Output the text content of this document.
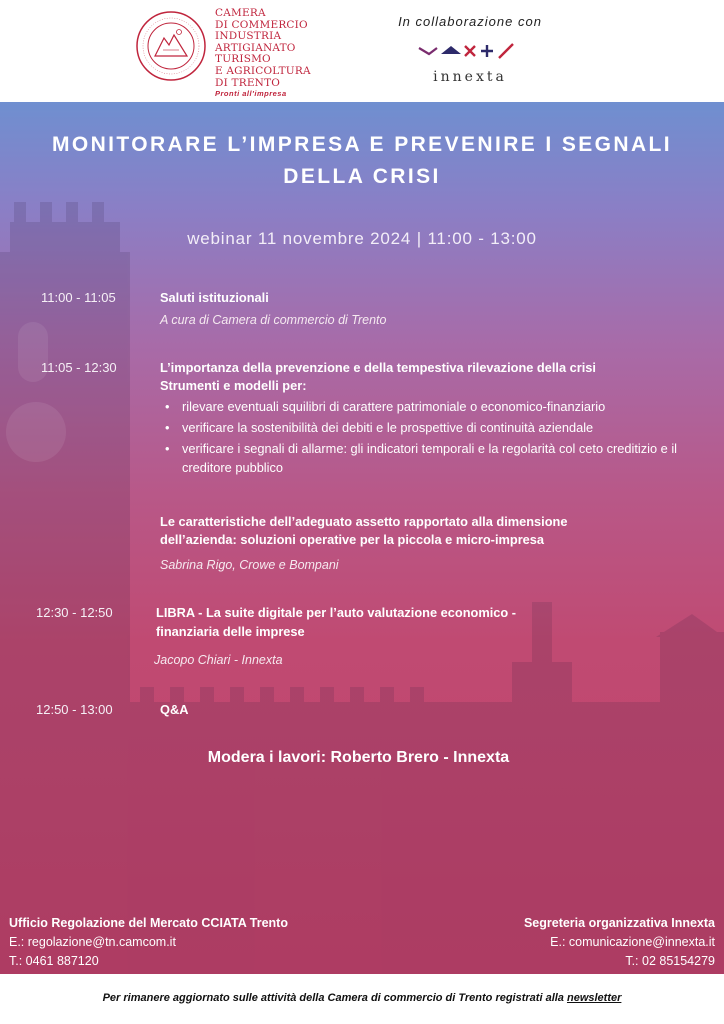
CAMERA
DI COMMERCIO
INDUSTRIA
ARTIGIANATO
TURISMO
E AGRICOLTURA
DI TRENTO
Pronti all'impresa
In collaborazione con
innexta
MONITORARE L’IMPRESA E PREVENIRE I SEGNALI
DELLA CRISI
webinar 11 novembre 2024 | 11:00 - 13:00
11:00 - 11:05	Saluti istituzionali
A cura di Camera di commercio di Trento
11:05 - 12:30	L’importanza della prevenzione e della tempestiva rilevazione della crisi
Strumenti e modelli per:
• rilevare eventuali squilibri di carattere patrimoniale o economico-finanziario
• verificare la sostenibilità dei debiti e le prospettive di continuità aziendale
• verificare i segnali di allarme: gli indicatori temporali e la regolarità col ceto creditizio e il creditore pubblico
Le caratteristiche dell’adeguato assetto rapportato alla dimensione
dell’azienda: soluzioni operative per la piccola e micro-impresa
Sabrina Rigo, Crowe e Bompani
12:30 - 12:50	LIBRA - La suite digitale per l’auto valutazione economico -
finanziaria delle imprese
Jacopo Chiari - Innexta
12:50 - 13:00	Q&A
Modera i lavori: Roberto Brero - Innexta
Ufficio Regolazione del Mercato CCIATA Trento
E.: regolazione@tn.camcom.it
T.: 0461 887120
Segreteria organizzativa Innexta
E.: comunicazione@innexta.it
T.: 02 85154279
Per rimanere aggiornato sulle attività della Camera di commercio di Trento registrati alla newsletter
